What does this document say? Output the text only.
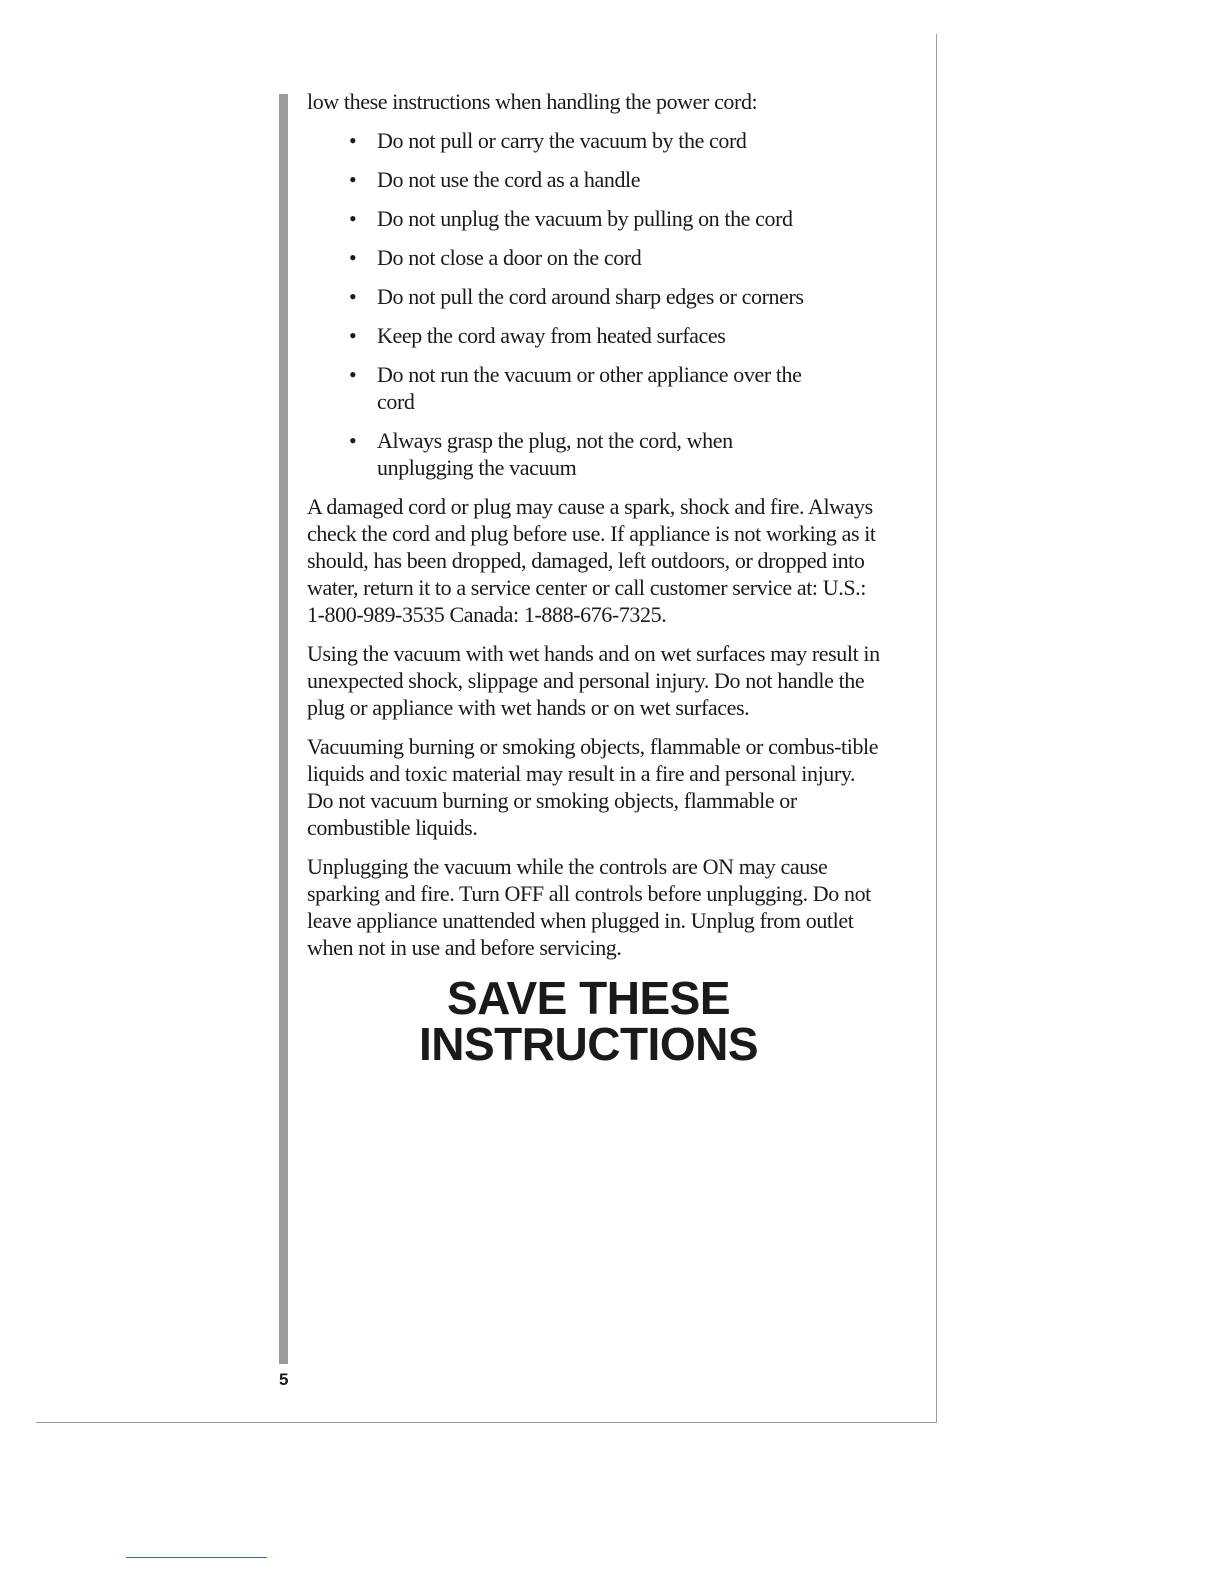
low these instructions when handling the power cord:

• Do not pull or carry the vacuum by the cord
• Do not use the cord as a handle
• Do not unplug the vacuum by pulling on the cord
• Do not close a door on the cord
• Do not pull the cord around sharp edges or corners
• Keep the cord away from heated surfaces
• Do not run the vacuum or other appliance over the cord
• Always grasp the plug, not the cord, when unplugging the vacuum

A damaged cord or plug may cause a spark, shock and fire. Always check the cord and plug before use. If appliance is not working as it should, has been dropped, damaged, left outdoors, or dropped into water, return it to a service center or call customer service at: U.S.: 1-800-989-3535 Canada: 1-888-676-7325.

Using the vacuum with wet hands and on wet surfaces may result in unexpected shock, slippage and personal injury. Do not handle the plug or appliance with wet hands or on wet surfaces.

Vacuuming burning or smoking objects, flammable or combus-tible liquids and toxic material may result in a fire and personal injury. Do not vacuum burning or smoking objects, flammable or combustible liquids.

Unplugging the vacuum while the controls are ON may cause sparking and fire. Turn OFF all controls before unplugging. Do not leave appliance unattended when plugged in. Unplug from outlet when not in use and before servicing.

SAVE THESE
INSTRUCTIONS
5
